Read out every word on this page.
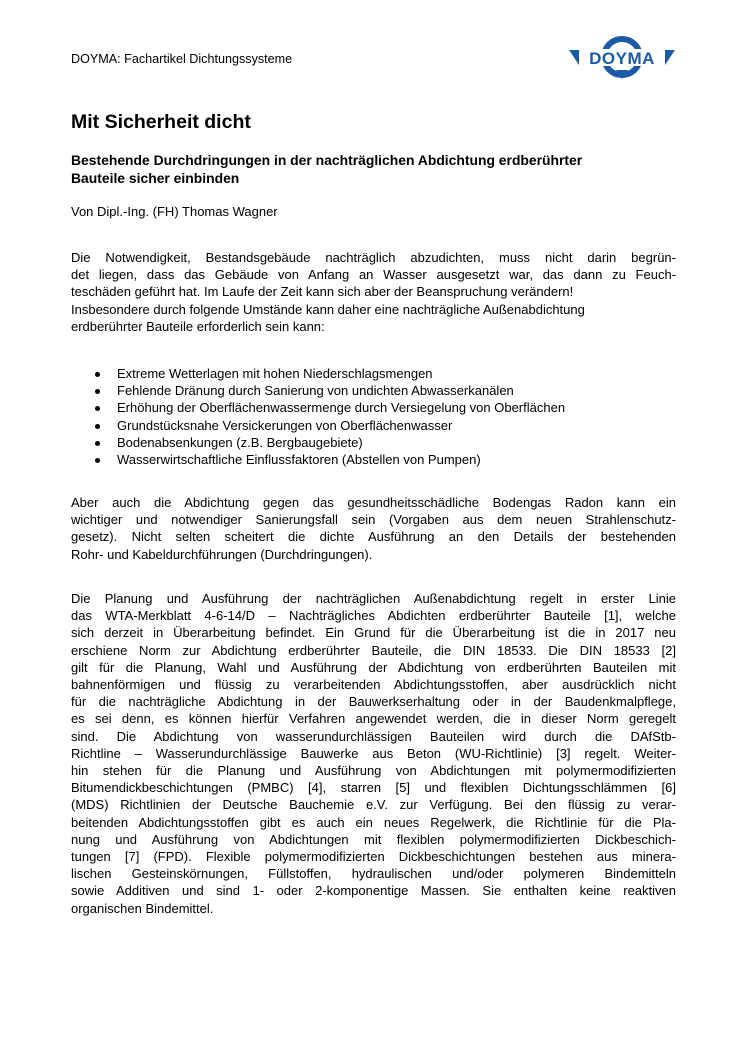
DOYMA: Fachartikel Dichtungssysteme	DOYMA
Mit Sicherheit dicht
Bestehende Durchdringungen in der nachträglichen Abdichtung erdberührter
Bauteile sicher einbinden

Von Dipl.-Ing. (FH) Thomas Wagner

Die Notwendigkeit, Bestandsgebäude nachträglich abzudichten, muss nicht darin begrün-
det liegen, dass das Gebäude von Anfang an Wasser ausgesetzt war, das dann zu Feuch-
teschäden geführt hat. Im Laufe der Zeit kann sich aber der Beanspruchung verändern!
Insbesondere durch folgende Umstände kann daher eine nachträgliche Außenabdichtung
erdberührter Bauteile erforderlich sein kann:

Extreme Wetterlagen mit hohen Niederschlagsmengen
Fehlende Dränung durch Sanierung von undichten Abwasserkanälen
Erhöhung der Oberflächenwassermenge durch Versiegelung von Oberflächen
Grundstücksnahe Versickerungen von Oberflächenwasser
Bodenabsenkungen (z.B. Bergbaugebiete)
Wasserwirtschaftliche Einflussfaktoren (Abstellen von Pumpen)

Aber auch die Abdichtung gegen das gesundheitsschädliche Bodengas Radon kann ein
wichtiger und notwendiger Sanierungsfall sein (Vorgaben aus dem neuen Strahlenschutz-
gesetz). Nicht selten scheitert die dichte Ausführung an den Details der bestehenden
Rohr- und Kabeldurchführungen (Durchdringungen).

Die Planung und Ausführung der nachträglichen Außenabdichtung regelt in erster Linie
das WTA-Merkblatt 4-6-14/D – Nachträgliches Abdichten erdberührter Bauteile [1], welche
sich derzeit in Überarbeitung befindet. Ein Grund für die Überarbeitung ist die in 2017 neu
erschiene Norm zur Abdichtung erdberührter Bauteile, die DIN 18533. Die DIN 18533 [2]
gilt für die Planung, Wahl und Ausführung der Abdichtung von erdberührten Bauteilen mit
bahnenförmigen und flüssig zu verarbeitenden Abdichtungsstoffen, aber ausdrücklich nicht
für die nachträgliche Abdichtung in der Bauwerkserhaltung oder in der Baudenkmalpflege,
es sei denn, es können hierfür Verfahren angewendet werden, die in dieser Norm geregelt
sind. Die Abdichtung von wasserundurchlässigen Bauteilen wird durch die DAfStb-
Richtline – Wasserundurchlässige Bauwerke aus Beton (WU-Richtlinie) [3] regelt. Weiter-
hin stehen für die Planung und Ausführung von Abdichtungen mit polymermodifizierten
Bitumendickbeschichtungen (PMBC) [4], starren [5] und flexiblen Dichtungsschlämmen [6]
(MDS) Richtlinien der Deutsche Bauchemie e.V. zur Verfügung. Bei den flüssig zu verar-
beitenden Abdichtungsstoffen gibt es auch ein neues Regelwerk, die Richtlinie für die Pla-
nung und Ausführung von Abdichtungen mit flexiblen polymermodifizierten Dickbeschich-
tungen [7] (FPD). Flexible polymermodifizierten Dickbeschichtungen bestehen aus minera-
lischen Gesteinskörnungen, Füllstoffen, hydraulischen und/oder polymeren Bindemitteln
sowie Additiven und sind 1- oder 2-komponentige Massen. Sie enthalten keine reaktiven
organischen Bindemittel.
